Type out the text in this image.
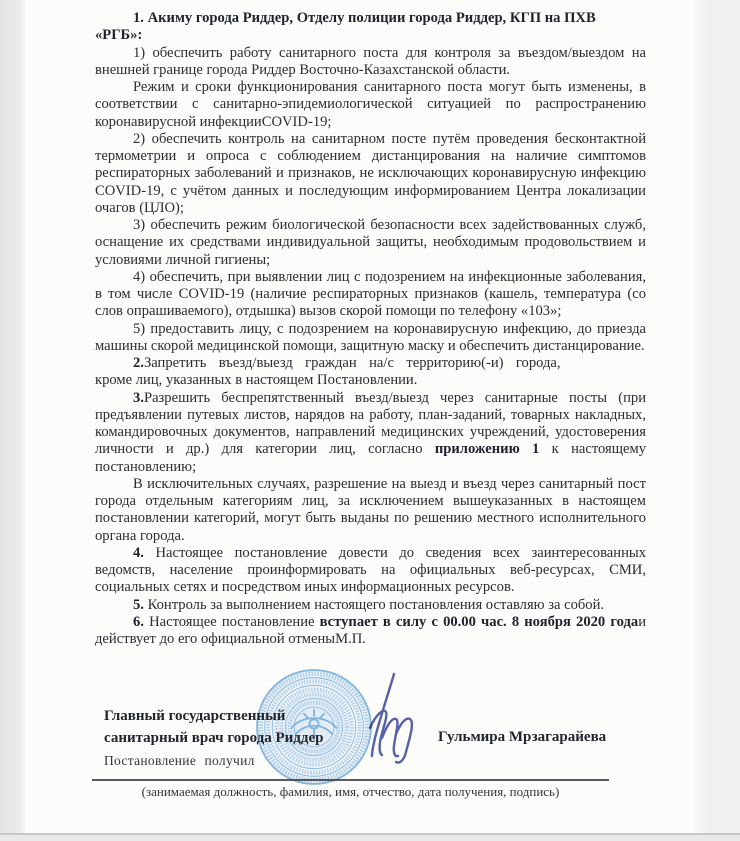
1. Акиму города Риддер, Отделу полиции города Риддер, КГП на ПХВ
«РГБ»:

1) обеспечить работу санитарного поста для контроля за въездом/выездом на внешней границе города Риддер Восточно-Казахстанской области.

Режим и сроки функционирования санитарного поста могут быть изменены, в соответствии с санитарно-эпидемиологической ситуацией по распространению коронавирусной инфекцииCOVID-19;

2) обеспечить контроль на санитарном посте путём проведения бесконтактной термометрии и опроса с соблюдением дистанцирования на наличие симптомов респираторных заболеваний и признаков, не исключающих коронавирусную инфекцию COVID-19, с учётом данных и последующим информированием Центра локализации очагов (ЦЛО);

3) обеспечить режим биологической безопасности всех задействованных служб, оснащение их средствами индивидуальной защиты, необходимым продовольствием и условиями личной гигиены;

4) обеспечить, при выявлении лиц с подозрением на инфекционные заболевания, в том числе COVID-19 (наличие респираторных признаков (кашель, температура (со слов опрашиваемого), отдышка) вызов скорой помощи по телефону «103»;

5) предоставить лицу, с подозрением на коронавирусную инфекцию, до приезда машины скорой медицинской помощи, защитную маску и обеспечить дистанцирование.

2.Запретить въезд/выезд граждан на/с территорию(-и) города,
кроме лиц, указанных в настоящем Постановлении.

3.Разрешить беспрепятственный въезд/выезд через санитарные посты (при предъявлении путевых листов, нарядов на работу, план-заданий, товарных накладных, командировочных документов, направлений медицинских учреждений, удостоверения личности и др.) для категории лиц, согласно приложению 1 к настоящему постановлению;

В исключительных случаях, разрешение на выезд и въезд через санитарный пост города отдельным категориям лиц, за исключением вышеуказанных в настоящем постановлении категорий, могут быть выданы по решению местного исполнительного органа города.

4. Настоящее постановление довести до сведения всех заинтересованных ведомств, население проинформировать на официальных веб-ресурсах, СМИ, социальных сетях и посредством иных информационных ресурсов.

5. Контроль за выполнением настоящего постановления оставляю за собой.

6. Настоящее постановление вступает в силу с 00.00 час. 8 ноября 2020 годаи действует до его официальной отменыМ.П.

Главный государственный
санитарный врач города Риддер	Гульмира Мрзагарайева
Постановление получил
(занимаемая должность, фамилия, имя, отчество, дата получения, подпись)
